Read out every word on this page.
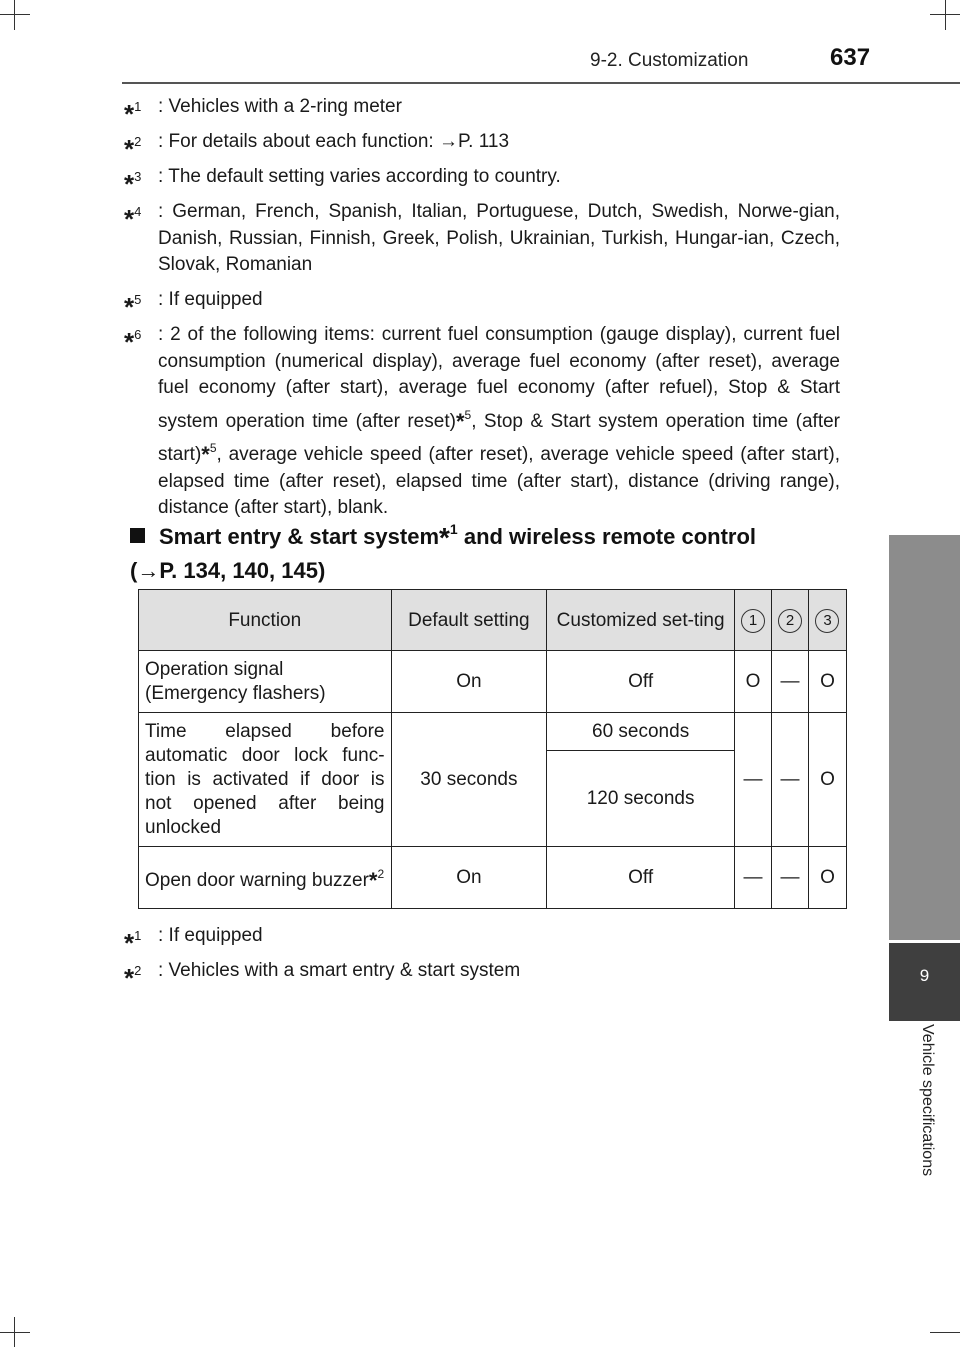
9-2. Customization	637
9
Vehicle specifications
*$^1$ : Vehicles with a 2-ring meter
*$^2$ : For details about each function: →P. 113
*$^3$ : The default setting varies according to country.
*$^4$ : German, French, Spanish, Italian, Portuguese, Dutch, Swedish, Norwe-gian, Danish, Russian, Finnish, Greek, Polish, Ukrainian, Turkish, Hungar-ian, Czech, Slovak, Romanian
*$^5$ : If equipped
*$^6$ : 2 of the following items: current fuel consumption (gauge display), current fuel consumption (numerical display), average fuel economy (after reset), average fuel economy (after start), average fuel economy (after refuel), Stop & Start system operation time (after reset)*$^5$, Stop & Start system operation time (after start)*$^5$, average vehicle speed (after reset), average vehicle speed (after start), elapsed time (after reset), elapsed time (after start), distance (driving range), distance (after start), blank.
Smart entry & start system*$^1$ and wireless remote control
(→P. 134, 140, 145)
Function	Default setting	Customized set-ting	1	2	3
Operation signal (Emergency flashers)	On	Off	O	—	O
Time elapsed before automatic door lock func-tion is activated if door is not opened after being unlocked	30 seconds	60 seconds	—	—	O
		120 seconds			
Open door warning buzzer*$^2$	On	Off	—	—	O
*$^1$ : If equipped
*$^2$ : Vehicles with a smart entry & start system
